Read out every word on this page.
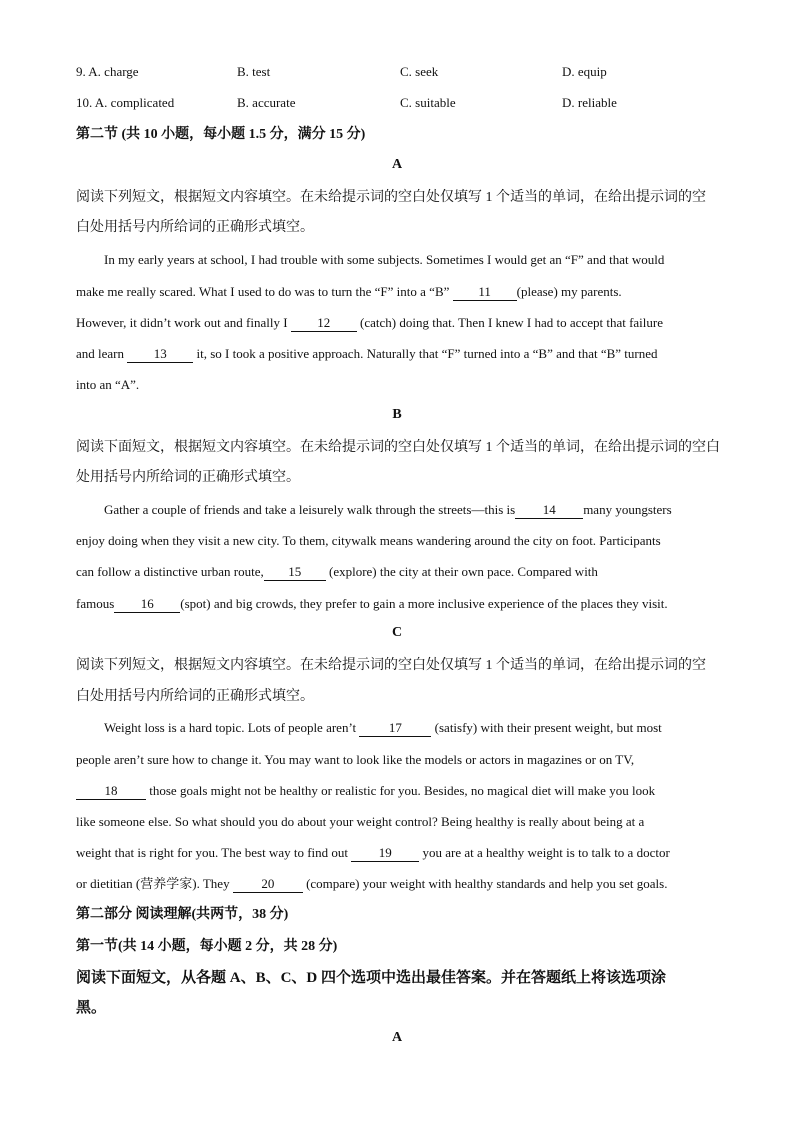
9. A. charge	B. test	C. seek	D. equip
10. A. complicated	B. accurate	C. suitable	D. reliable
第二节 (共 10 小题，每小题 1.5 分，满分 15 分)
A
阅读下列短文，根据短文内容填空。在未给提示词的空白处仅填写 1 个适当的单词，在给出提示词的空
白处用括号内所给词的正确形式填空。
In my early years at school, I had trouble with some subjects. Sometimes I would get an “F” and that would
make me really scared. What I used to do was to turn the “F” into a “B” 11 (please) my parents.
However, it didn’t work out and finally I 12 (catch) doing that. Then I knew I had to accept that failure
and learn 13 it, so I took a positive approach. Naturally that “F” turned into a “B” and that “B” turned
into an “A”.
B
阅读下面短文，根据短文内容填空。在未给提示词的空白处仅填写 1 个适当的单词，在给出提示词的空白
处用括号内所给词的正确形式填空。
Gather a couple of friends and take a leisurely walk through the streets—this is 14 many youngsters
enjoy doing when they visit a new city. To them, citywalk means wandering around the city on foot. Participants
can follow a distinctive urban route, 15 (explore) the city at their own pace. Compared with
famous 16 (spot) and big crowds, they prefer to gain a more inclusive experience of the places they visit.
C
阅读下列短文，根据短文内容填空。在未给提示词的空白处仅填写 1 个适当的单词，在给出提示词的空
白处用括号内所给词的正确形式填空。
Weight loss is a hard topic. Lots of people aren’t 17 (satisfy) with their present weight, but most
people aren’t sure how to change it. You may want to look like the models or actors in magazines or on TV,
18 those goals might not be healthy or realistic for you. Besides, no magical diet will make you look
like someone else. So what should you do about your weight control? Being healthy is really about being at a
weight that is right for you. The best way to find out 19 you are at a healthy weight is to talk to a doctor
or dietitian (营养学家). They 20 (compare) your weight with healthy standards and help you set goals.
第二部分 阅读理解(共两节，38 分)
第一节(共 14 小题，每小题 2 分，共 28 分)
阅读下面短文，从各题 A、B、C、D 四个选项中选出最佳答案。并在答题纸上将该选项涂
黑。
A
